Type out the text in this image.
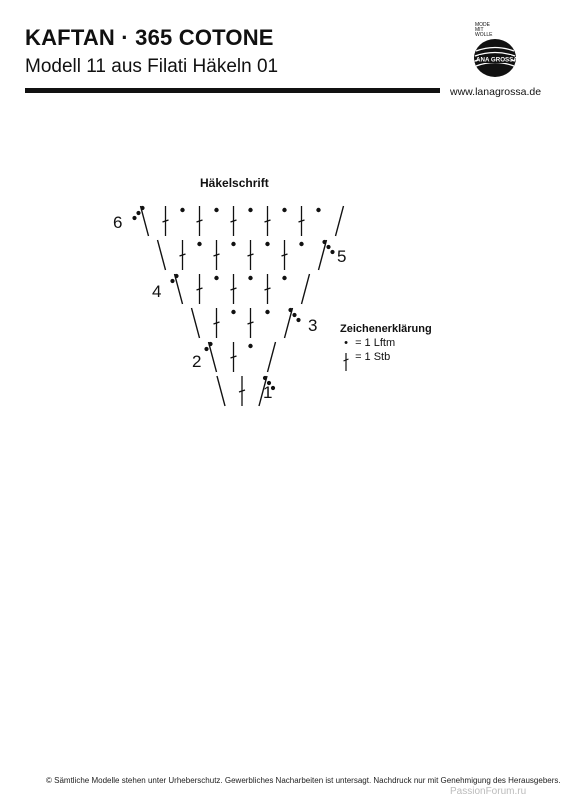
KAFTAN · 365 COTONE
Modell 11 aus Filati Häkeln 01
MODE
MIT
WOLLE
LANA GROSSA
www.lanagrossa.de
Häkelschrift
1
2
3
4
5
6
Zeichenerklärung
• = 1 Lftm
= 1 Stb
© Sämtliche Modelle stehen unter Urheberschutz. Gewerbliches Nacharbeiten ist untersagt. Nachdruck nur mit Genehmigung des Herausgebers.
PassionForum.ru
